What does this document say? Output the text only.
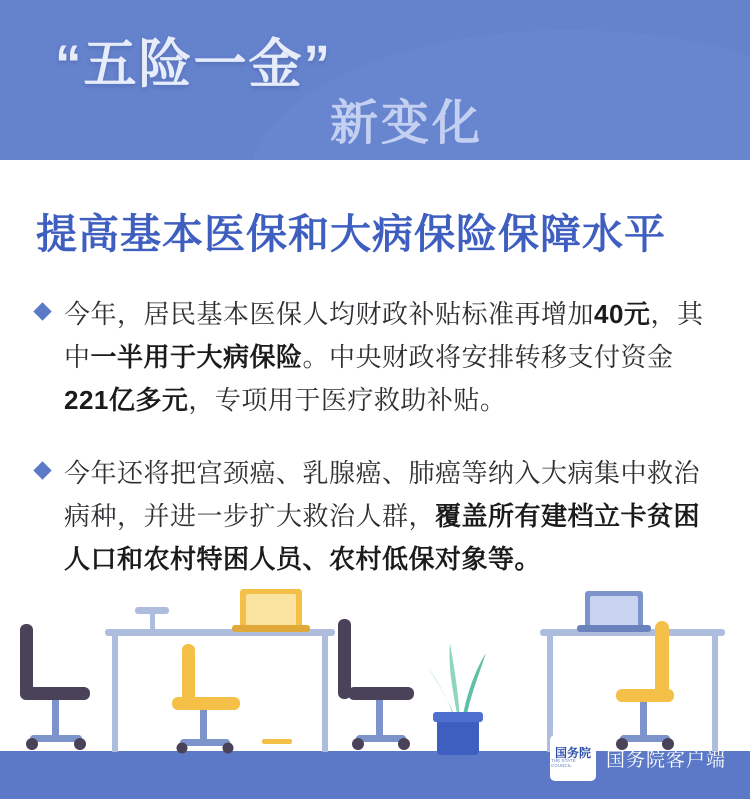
“五险一金”
新变化
提高基本医保和大病保险保障水平
今年，居民基本医保人均财政补贴标准再增加40元，其中一半用于大病保险。中央财政将安排转移支付资金221亿多元，专项用于医疗救助补贴。
今年还将把宫颈癌、乳腺癌、肺癌等纳入大病集中救治病种，并进一步扩大救治人群，覆盖所有建档立卡贫困人口和农村特困人员、农村低保对象等。
国务院
THE STATE COUNCIL	国务院客户端
